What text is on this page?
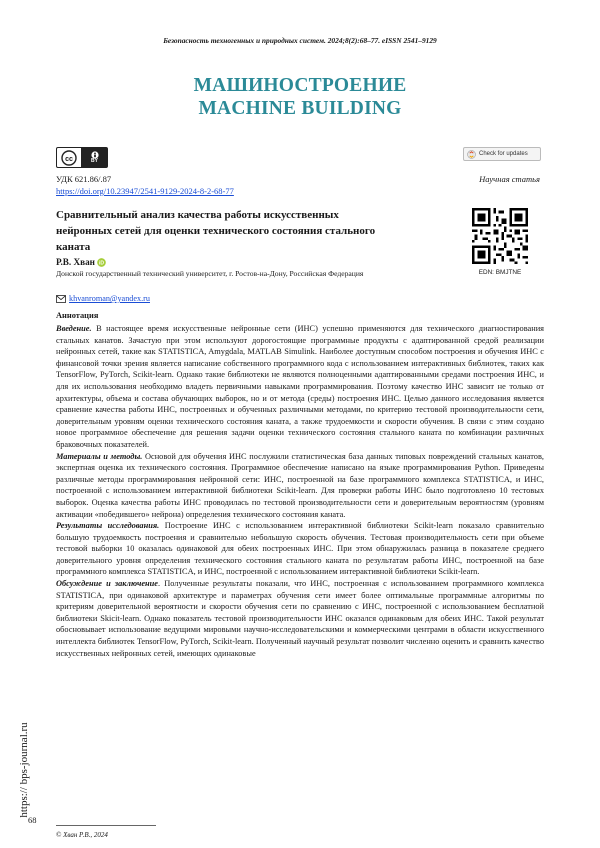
Безопасность техногенных и природных систем. 2024;8(2):68–77. eISSN 2541–9129
МАШИНОСТРОЕНИЕ
MACHINE BUILDING
cc	BY
Check for updates
УДК 621.86/.87	Научная статья
https://doi.org/10.23947/2541-9129-2024-8-2-68-77
Сравнительный анализ качества работы искусственных нейронных сетей для оценки технического состояния стального каната
EDN: BMJTNE
Р.В. Хван iD
Донской государственный технический университет, г. Ростов-на-Дону, Российская Федерация
khvanroman@yandex.ru
Аннотация

Введение. В настоящее время искусственные нейронные сети (ИНС) успешно применяются для технического диагностирования стальных канатов. Зачастую при этом используют дорогостоящие программные продукты с адаптированной средой реализации нейронных сетей, такие как STATISTICA, Amygdala, MATLAB Simulink. Наиболее доступным способом построения и обучения ИНС с финансовой точки зрения является написание собственного программного кода с использованием интерактивных библиотек, таких как TensorFlow, PyTorch, Scikit-learn. Однако такие библиотеки не являются полноценными адаптированными средами построения ИНС, и для их использования необходимо владеть первичными навыками программирования. Поэтому качество ИНС зависит не только от архитектуры, объема и состава обучающих выборок, но и от метода (среды) построения ИНС. Целью данного исследования является сравнение качества работы ИНС, построенных и обученных различными методами, по критерию тестовой производительности сети, доверительным уровням оценки технического состояния каната, а также трудоемкости и скорости обучения. В связи с этим создано новое программное обеспечение для решения задачи оценки технического состояния стального каната по комбинации различных браковочных показателей.

Материалы и методы. Основой для обучения ИНС послужили статистическая база данных типовых повреждений стальных канатов, экспертная оценка их технического состояния. Программное обеспечение написано на языке программирования Python. Приведены различные методы программирования нейронной сети: ИНС, построенной на базе программного комплекса STATISTICA, и ИНС, построенной с использованием интерактивной библиотеки Scikit-learn. Для проверки работы ИНС было подготовлено 10 тестовых выборок. Оценка качества работы ИНС проводилась по тестовой производительности сети и доверительным вероятностям (уровням активации «победившего» нейрона) определения технического состояния каната.

Результаты исследования. Построение ИНС с использованием интерактивной библиотеки Scikit-learn показало сравнительно большую трудоемкость построения и сравнительно небольшую скорость обучения. Тестовая производительность сети при объеме тестовой выборки 10 оказалась одинаковой для обеих построенных ИНС. При этом обнаружилась разница в показателе среднего доверительного уровня определения технического состояния стального каната по результатам работы ИНС, построенной на базе программного комплекса STATISTICA, и ИНС, построенной с использованием интерактивной библиотеки Scikit-learn.

Обсуждение и заключение. Полученные результаты показали, что ИНС, построенная с использованием программного комплекса STATISTICA, при одинаковой архитектуре и параметрах обучения сети имеет более оптимальные программные алгоритмы по критериям доверительной вероятности и скорости обучения сети по сравнению с ИНС, построенной с использованием бесплатной библиотеки Skicit-learn. Однако показатель тестовой производительности ИНС оказался одинаковым для обеих ИНС. Такой результат обосновывает использование ведущими мировыми научно-исследовательскими и коммерческими центрами в области искусственного интеллекта библиотек TensorFlow, PyTorch, Scikit-learn. Полученный научный результат позволит численно оценить и сравнить качество искусственных нейронных сетей, имеющих одинаковые

© Хван Р.В., 2024
https:// bps-journal.ru
68
